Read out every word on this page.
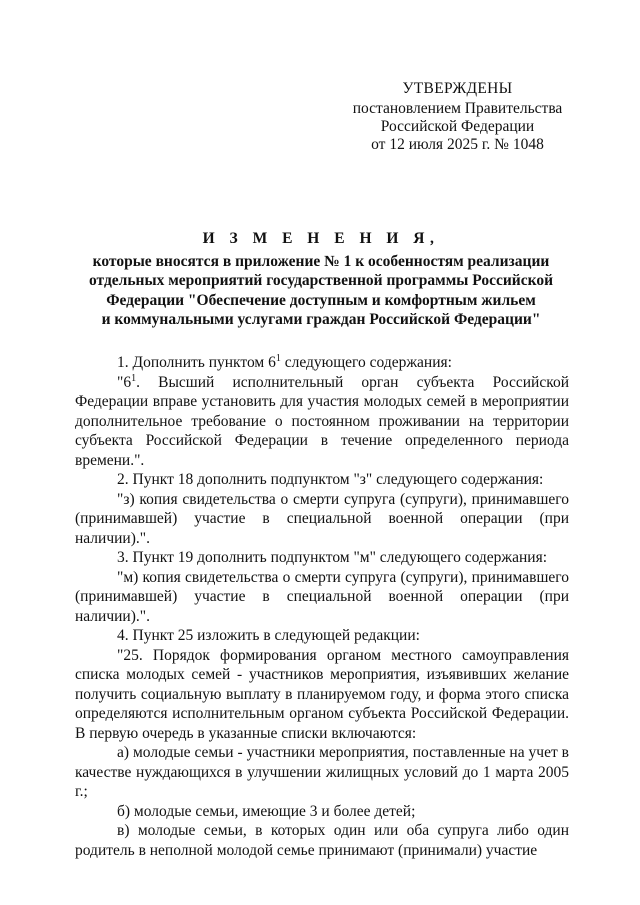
УТВЕРЖДЕНЫ
постановлением Правительства
Российской Федерации
от 12 июля 2025 г. № 1048
И З М Е Н Е Н И Я,
которые вносятся в приложение № 1 к особенностям реализации
отдельных мероприятий государственной программы Российской
Федерации "Обеспечение доступным и комфортным жильем
и коммунальными услугами граждан Российской Федерации"

1. Дополнить пунктом $6^1$ следующего содержания:

"$6^1$. Высший исполнительный орган субъекта Российской Федерации вправе установить для участия молодых семей в мероприятии дополнительное требование о постоянном проживании на территории субъекта Российской Федерации в течение определенного периода времени.".

2. Пункт 18 дополнить подпунктом "з" следующего содержания:

"з) копия свидетельства о смерти супруга (супруги), принимавшего (принимавшей) участие в специальной военной операции (при наличии).".

3. Пункт 19 дополнить подпунктом "м" следующего содержания:

"м) копия свидетельства о смерти супруга (супруги), принимавшего (принимавшей) участие в специальной военной операции (при наличии).".

4. Пункт 25 изложить в следующей редакции:

"25. Порядок формирования органом местного самоуправления списка молодых семей - участников мероприятия, изъявивших желание получить социальную выплату в планируемом году, и форма этого списка определяются исполнительным органом субъекта Российской Федерации. В первую очередь в указанные списки включаются:

а) молодые семьи - участники мероприятия, поставленные на учет в качестве нуждающихся в улучшении жилищных условий до 1 марта 2005 г.;

б) молодые семьи, имеющие 3 и более детей;

в) молодые семьи, в которых один или оба супруга либо один родитель в неполной молодой семье принимают (принимали) участие
